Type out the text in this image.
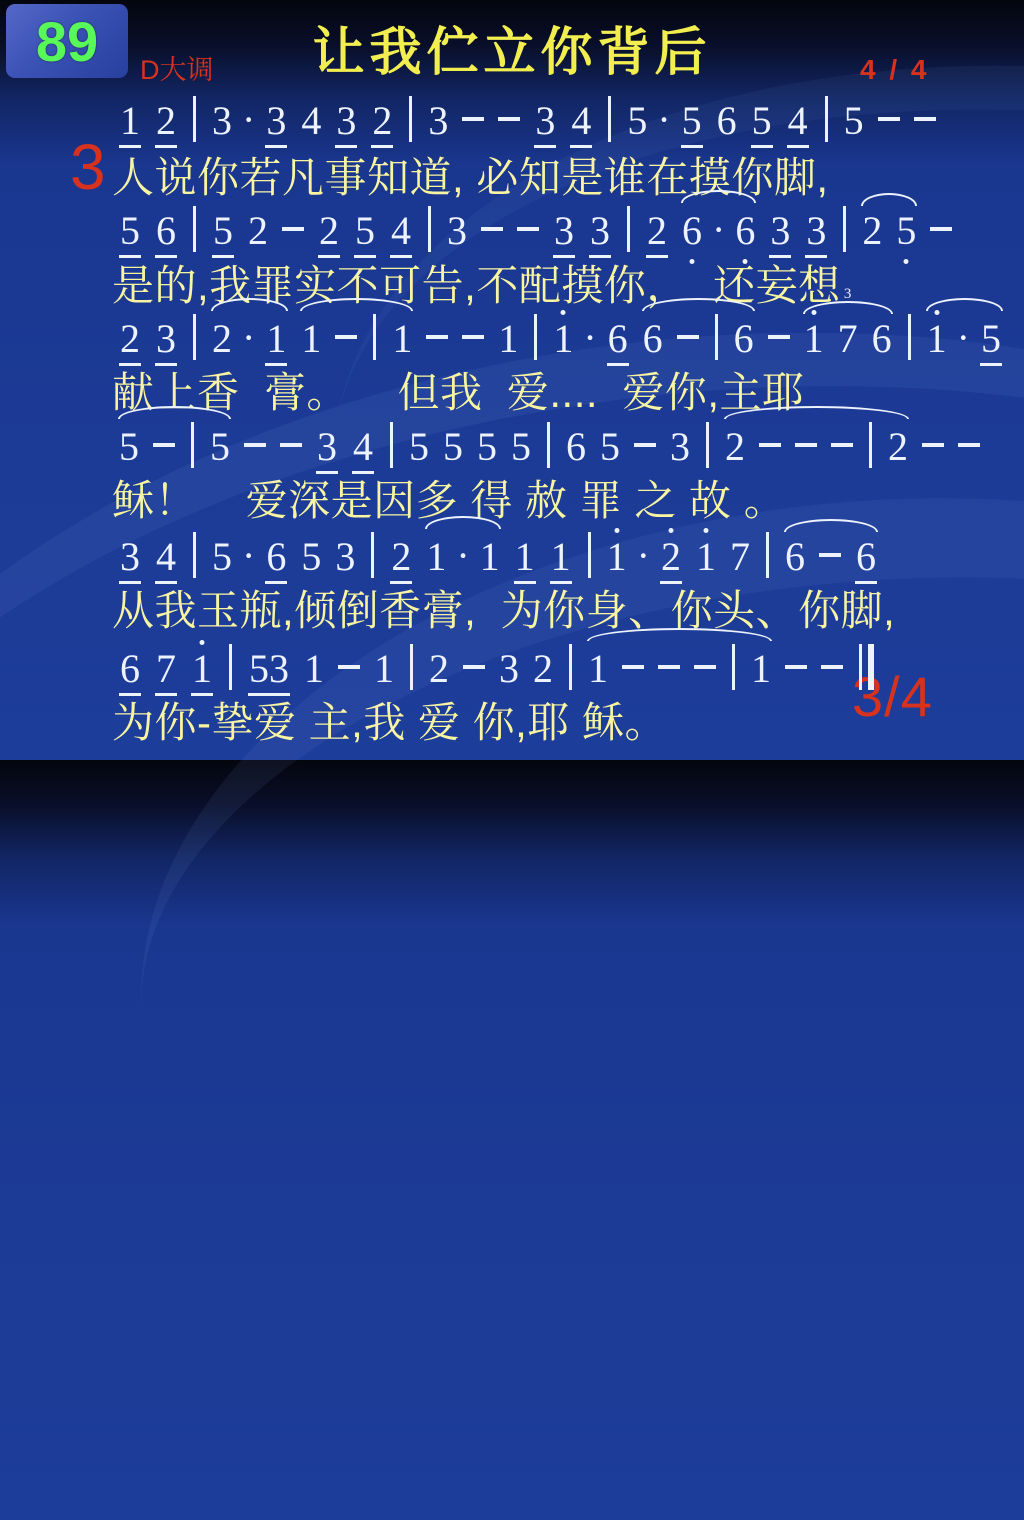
89 D大调	让我伫立你背后	4 / 4
3
3/4
1 2 3 · 3 4 3 2 3 3 4 5 · 5 6 5 4 5
人说你若凡事知道, 必知是谁在摸你脚,
5 6 5 2 2 5 4 3 3 3 2 6 · 6 3 3 2 5
是的,我罪实不可告,不配摸你，  还妄想
2 3 2 · 1 1 1 1 1 · 6 6 6
3
1 7 6 1 · 5
献上香  膏。    但我  爱....  爱你,主耶
5 5 3 4 5 5 5 5 6 5 3 2	2
稣！    爱深是因多 得 赦 罪 之 故 。
3 4 5 · 6 5 3 2 1 · 1 1 1 1 · 2 1 7 6 6
从我玉瓶,倾倒香膏,  为你身、你头、你脚,
6 7 1 53 1 1 2 3 2 1	1
为你-挚爱 主,我 爱 你,耶 稣。
